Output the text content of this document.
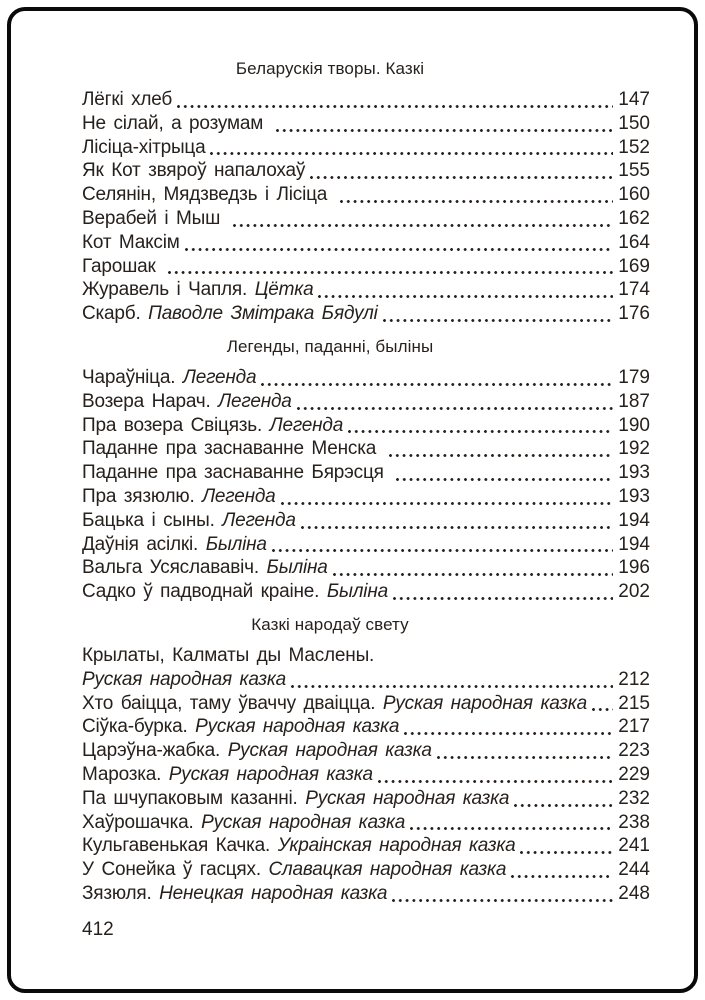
Беларускія творы. Казкі
Лёгкі хлеб	147
Не сілай, а розумам	150
Лісіца-хітрыца	152
Як Кот звяроў напалохаў	155
Селянін, Мядзведзь і Лісіца	160
Верабей і Мыш	162
Кот Максім	164
Гарошак	169
Журавель і Чапля. Цётка	174
Скарб. Паводле Змітрака Бядулі	176
Легенды, паданні, быліны
Чараўніца. Легенда	179
Возера Нарач. Легенда	187
Пра возера Свіцязь. Легенда	190
Паданне пра заснаванне Менска	192
Паданне пра заснаванне Бярэсця	193
Пра зязюлю. Легенда	193
Бацька і сыны. Легенда	194
Даўнія асілкі. Быліна	194
Вальга Усяслававіч. Быліна	196
Садко ў падводнай краіне. Быліна	202
Казкі народаў свету
Крылаты, Калматы ды Маслены.
Руская народная казка	212
Хто баіцца, таму ўваччу дваіцца. Руская народная казка 215
Сіўка-бурка. Руская народная казка	217
Царэўна-жабка. Руская народная казка	223
Марозка. Руская народная казка	229
Па шчупаковым казанні. Руская народная казка	232
Хаўрошачка. Руская народная казка	238
Кульгавенькая Качка. Украінская народная казка	241
У Сонейка ў гасцях. Славацкая народная казка	244
Зязюля. Ненецкая народная казка	248
412
